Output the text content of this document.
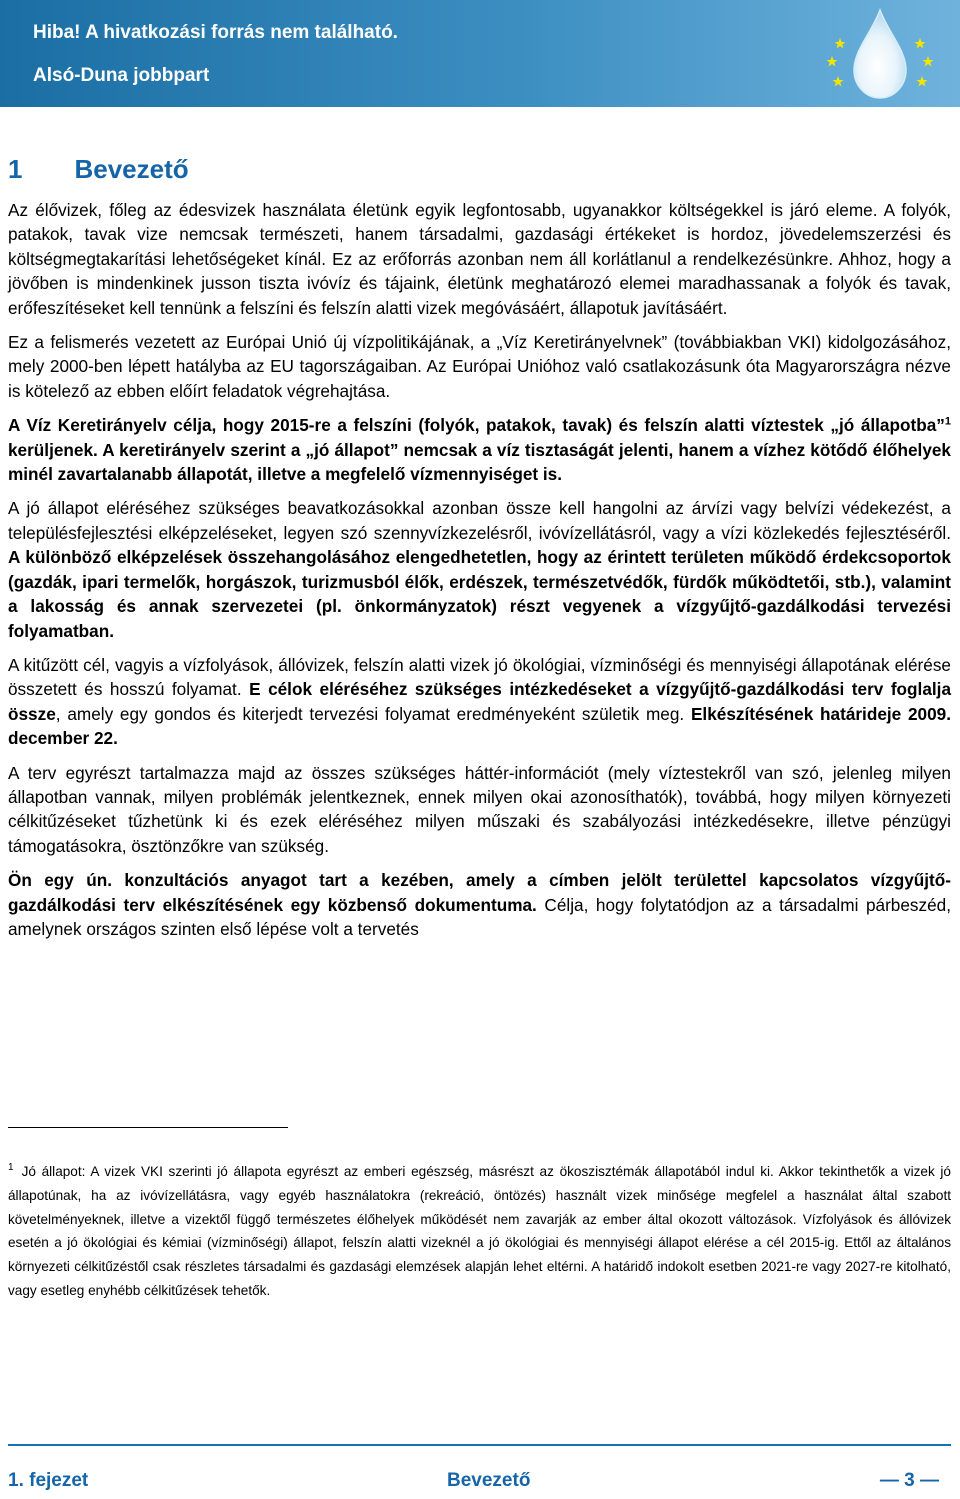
Hiba! A hivatkozási forrás nem található.
Alsó-Duna jobbpart
1 Bevezető

Az élővizek, főleg az édesvizek használata életünk egyik legfontosabb, ugyanakkor költségekkel is járó eleme. A folyók, patakok, tavak vize nemcsak természeti, hanem társadalmi, gazdasági értékeket is hordoz, jövedelemszerzési és költségmegtakarítási lehetőségeket kínál. Ez az erőforrás azonban nem áll korlátlanul a rendelkezésünkre. Ahhoz, hogy a jövőben is mindenkinek jusson tiszta ivóvíz és tájaink, életünk meghatározó elemei maradhassanak a folyók és tavak, erőfeszítéseket kell tennünk a felszíni és felszín alatti vizek megóvásáért, állapotuk javításáért.

Ez a felismerés vezetett az Európai Unió új vízpolitikájának, a „Víz Keretirányelvnek” (továbbiakban VKI) kidolgozásához, mely 2000-ben lépett hatályba az EU tagországaiban. Az Európai Unióhoz való csatlakozásunk óta Magyarországra nézve is kötelező az ebben előírt feladatok végrehajtása.

A Víz Keretirányelv célja, hogy 2015-re a felszíni (folyók, patakok, tavak) és felszín alatti víztestek „jó állapotba”$^1$ kerüljenek. A keretirányelv szerint a „jó állapot” nemcsak a víz tisztaságát jelenti, hanem a vízhez kötődő élőhelyek minél zavartalanabb állapotát, illetve a megfelelő vízmennyiséget is.

A jó állapot eléréséhez szükséges beavatkozásokkal azonban össze kell hangolni az árvízi vagy belvízi védekezést, a településfejlesztési elképzeléseket, legyen szó szennyvízkezelésről, ivóvízellátásról, vagy a vízi közlekedés fejlesztéséről. A különböző elképzelések összehangolásához elengedhetetlen, hogy az érintett területen működő érdekcsoportok (gazdák, ipari termelők, horgászok, turizmusból élők, erdészek, természetvédők, fürdők működtetői, stb.), valamint a lakosság és annak szervezetei (pl. önkormányzatok) részt vegyenek a vízgyűjtő-gazdálkodási tervezési folyamatban.

A kitűzött cél, vagyis a vízfolyások, állóvizek, felszín alatti vizek jó ökológiai, vízminőségi és mennyiségi állapotának elérése összetett és hosszú folyamat. E célok eléréséhez szükséges intézkedéseket a vízgyűjtő-gazdálkodási terv foglalja össze, amely egy gondos és kiterjedt tervezési folyamat eredményeként születik meg. Elkészítésének határideje 2009. december 22.

A terv egyrészt tartalmazza majd az összes szükséges háttér-információt (mely víztestekről van szó, jelenleg milyen állapotban vannak, milyen problémák jelentkeznek, ennek milyen okai azonosíthatók), továbbá, hogy milyen környezeti célkitűzéseket tűzhetünk ki és ezek eléréséhez milyen műszaki és szabályozási intézkedésekre, illetve pénzügyi támogatásokra, ösztönzőkre van szükség.

Ön egy ún. konzultációs anyagot tart a kezében, amely a címben jelölt területtel kapcsolatos vízgyűjtő-gazdálkodási terv elkészítésének egy közbenső dokumentuma. Célja, hogy folytatódjon az a társadalmi párbeszéd, amelynek országos szinten első lépése volt a tervetés

$^1$ Jó állapot: A vizek VKI szerinti jó állapota egyrészt az emberi egészség, másrészt az ökoszisztémák állapotából indul ki. Akkor tekinthetők a vizek jó állapotúnak, ha az ivóvízellátásra, vagy egyéb használatokra (rekreáció, öntözés) használt vizek minősége megfelel a használat által szabott követelményeknek, illetve a vizektől függő természetes élőhelyek működését nem zavarják az ember által okozott változások. Vízfolyások és állóvizek esetén a jó ökológiai és kémiai (vízminőségi) állapot, felszín alatti vizeknél a jó ökológiai és mennyiségi állapot elérése a cél 2015-ig. Ettől az általános környezeti célkitűzéstől csak részletes társadalmi és gazdasági elemzések alapján lehet eltérni. A határidő indokolt esetben 2021-re vagy 2027-re kitolható, vagy esetleg enyhébb célkitűzések tehetők.
1. fejezet	Bevezető	— 3 —
